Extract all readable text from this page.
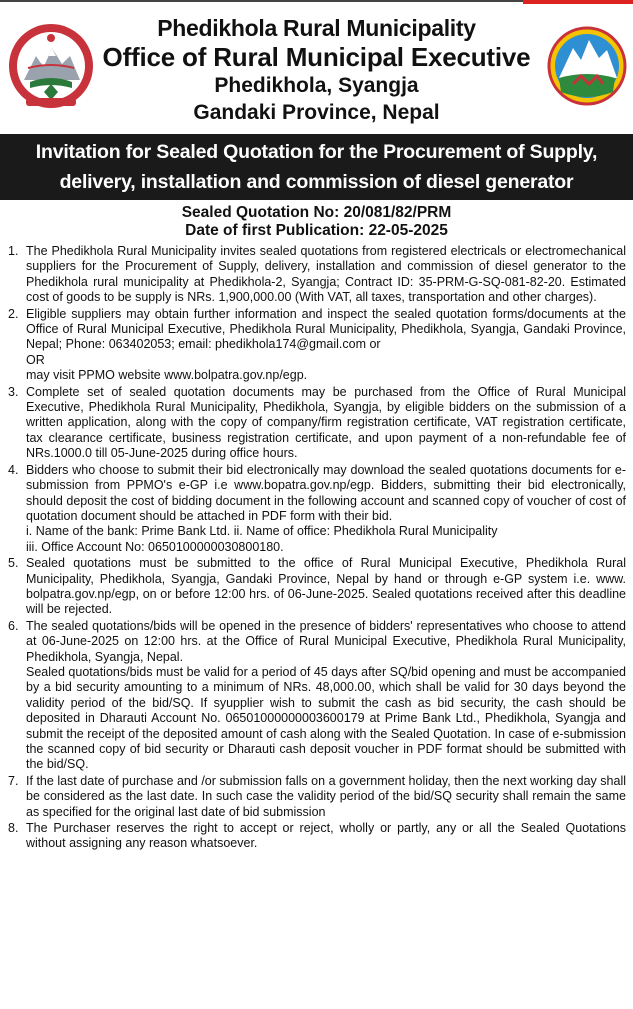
Phedikhola Rural Municipality
Office of Rural Municipal Executive
Phedikhola, Syangja
Gandaki Province, Nepal
Invitation for Sealed Quotation for the Procurement of Supply,
delivery, installation and commission of diesel generator
Sealed Quotation No: 20/081/82/PRM
Date of first Publication: 22-05-2025
1. The Phedikhola Rural Municipality invites sealed quotations from registered electricals or electromechanical suppliers for the Procurement of Supply, delivery, installation and commission of diesel generator to the Phedikhola rural municipality at Phedikhola-2, Syangja; Contract ID: 35-PRM-G-SQ-081-82-20. Estimated cost of goods to be supply is NRs. 1,900,000.00 (With VAT, all taxes, transportation and other charges).
2. Eligible suppliers may obtain further information and inspect the sealed quotation forms/documents at the Office of Rural Municipal Executive, Phedikhola Rural Municipality, Phedikhola, Syangja, Gandaki Province, Nepal; Phone: 063402053; email: phedikhola174@gmail.com or
OR
may visit PPMO website www.bolpatra.gov.np/egp.
3. Complete set of sealed quotation documents may be purchased from the Office of Rural Municipal Executive, Phedikhola Rural Municipality, Phedikhola, Syangja, by eligible bidders on the submission of a written application, along with the copy of company/firm registration certificate, VAT registration certificate, tax clearance certificate, business registration certificate, and upon payment of a non-refundable fee of NRs.1000.0 till 05-June-2025 during office hours.
4. Bidders who choose to submit their bid electronically may download the sealed quotations documents for e-submission from PPMO's e-GP i.e www.bopatra.gov.np/egp. Bidders, submitting their bid electronically, should deposit the cost of bidding document in the following account and scanned copy of voucher of cost of quotation document should be attached in PDF form with their bid.
i. Name of the bank: Prime Bank Ltd. ii. Name of office: Phedikhola Rural Municipality
iii. Office Account No: 06501000000308001​80.
5. Sealed quotations must be submitted to the office of Rural Municipal Executive, Phedikhola Rural Municipality, Phedikhola, Syangja, Gandaki Province, Nepal by hand or through e-GP system i.e. www. bolpatra.gov.np/egp, on or before 12:00 hrs. of 06-June-2025. Sealed quotations received after this deadline will be rejected.
6. The sealed quotations/bids will be opened in the presence of bidders' representatives who choose to attend at 06-June-2025 on 12:00 hrs. at the Office of Rural Municipal Executive, Phedikhola Rural Municipality, Phedikhola, Syangja, Nepal.
Sealed quotations/bids must be valid for a period of 45 days after SQ/bid opening and must be accompanied by a bid security amounting to a minimum of NRs. 48,000.00, which shall be valid for 30 days beyond the validity period of the bid/SQ. If syupplier wish to submit the cash as bid security, the cash should be deposited in Dharauti Account No. 06501000000003600179 at Prime Bank Ltd., Phedikhola, Syangja and submit the receipt of the deposited amount of cash along with the Sealed Quotation. In case of e-submission the scanned copy of bid security or Dharauti cash deposit voucher in PDF format should be submitted with the bid/SQ.
7. If the last date of purchase and /or submission falls on a government holiday, then the next working day shall be considered as the last date. In such case the validity period of the bid/SQ security shall remain the same as specified for the original last date of bid submission
8. The Purchaser reserves the right to accept or reject, wholly or partly, any or all the Sealed Quotations without assigning any reason whatsoever.
